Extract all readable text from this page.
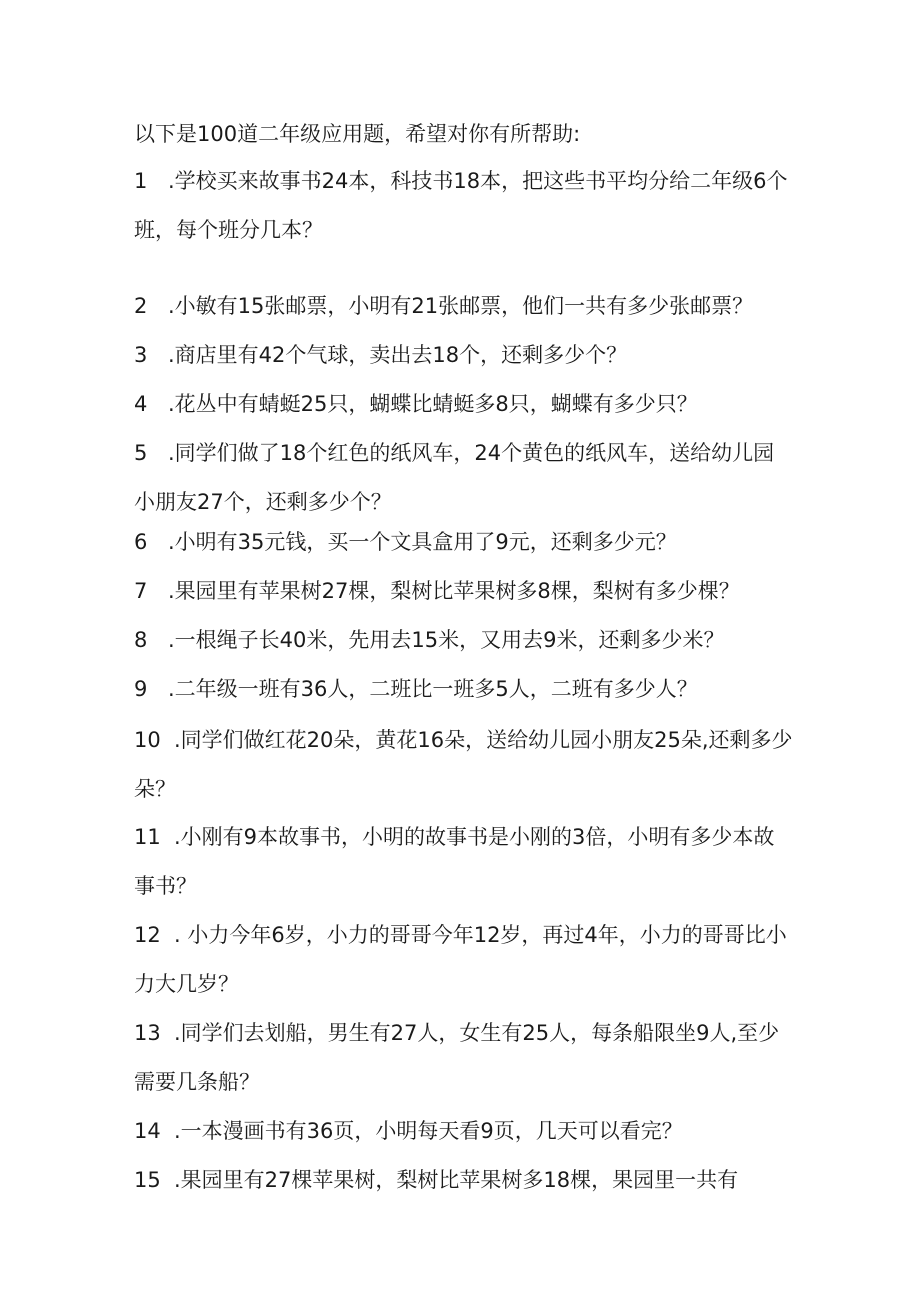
以下是100道二年级应用题，希望对你有所帮助:
1 .学校买来故事书24本，科技书18本，把这些书平均分给二年级6个班，每个班分几本？
2 .小敏有15张邮票，小明有21张邮票，他们一共有多少张邮票？
3 .商店里有42个气球，卖出去18个，还剩多少个？
4 .花丛中有蜻蜓25只，蝴蝶比蜻蜓多8只，蝴蝶有多少只？
5 .同学们做了18个红色的纸风车，24个黄色的纸风车，送给幼儿园小朋友27个，还剩多少个？
6 .小明有35元钱，买一个文具盒用了9元，还剩多少元？
7 .果园里有苹果树27棵，梨树比苹果树多8棵，梨树有多少棵？
8 .一根绳子长40米，先用去15米，又用去9米，还剩多少米？
9 .二年级一班有36人，二班比一班多5人，二班有多少人？
10 .同学们做红花20朵，黄花16朵，送给幼儿园小朋友25朵,还剩多少朵？
11 .小刚有9本故事书，小明的故事书是小刚的3倍，小明有多少本故事书？
12 . 小力今年6岁，小力的哥哥今年12岁，再过4年，小力的哥哥比小力大几岁？
13 .同学们去划船，男生有27人，女生有25人，每条船限坐9人,至少需要几条船？
14 .一本漫画书有36页，小明每天看9页，几天可以看完？
15 .果园里有27棵苹果树，梨树比苹果树多18棵，果园里一共有
